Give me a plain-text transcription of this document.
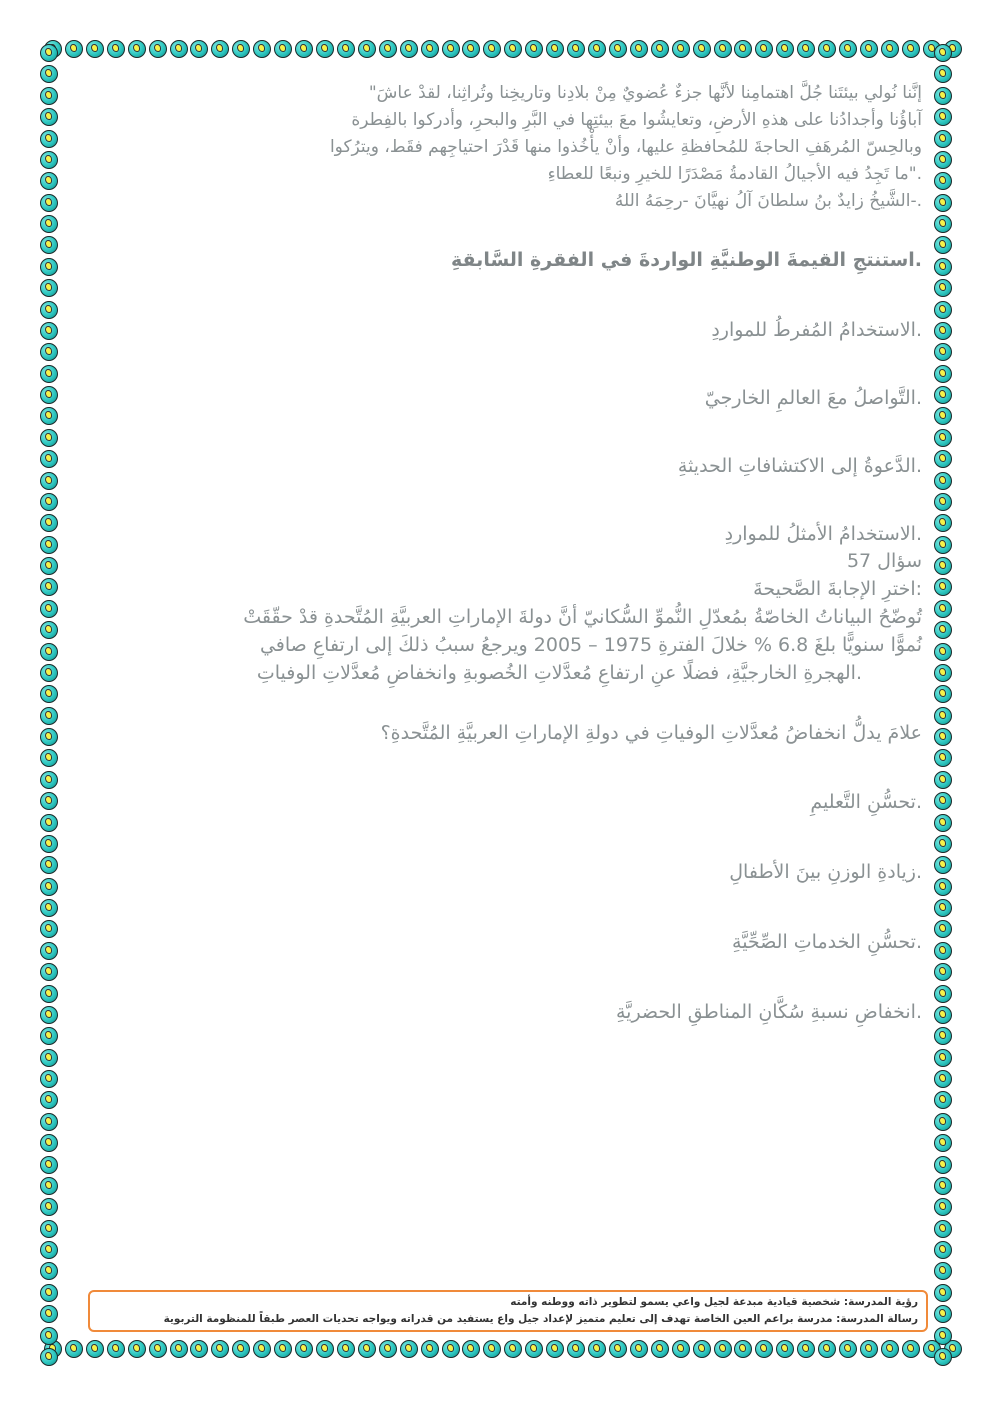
إنَّنا نُولي بيئتَنا جُلَّ اهتمامِنا لأنَّها جزءٌ عُضويٌ مِنْ بلادِنا وتاريخِنا وتُراثِنا، لقدْ عاشَ"

آباؤُنا وأجدادُنا على هذهِ الأرضِ، وتعايشُوا معَ بيئتِها في البَّرِ والبحرِ، وأدركوا بالفِطرة

وبالحِسّ المُرهَفِ الحاجةَ للمُحافظةِ عليها، وأنْ يأْخُذوا منها قَدْرَ احتياجِهم فقَط، ويترُكوا

."ما تَجِدُ فيه الأجيالُ القادمةُ مَصْدَرًا للخيرِ ونبعًا للعطاءِ

.-الشَّيخُ زايدٌ بنُ سلطانَ آلُ نهيَّانَ -رحِمَهُ اللهُ

.استنتجِ القيمةَ الوطنيَّةِ الواردةَ في الفقرةِ السَّابقةِ

.الاستخدامُ المُفرطُ للمواردِ

.التَّواصلُ معَ العالمِ الخارجيّ

.الدَّعوةُ إلى الاكتشافاتِ الحديثةِ

.الاستخدامُ الأمثلُ للمواردِ

سؤال 57

:اخترِ الإجابةَ الصَّحيحةَ

تُوضّحُ البياناتُ الخاصّةُ بمُعدّلِ النُّموِّ السُّكانيّ أنَّ دولةَ الإماراتِ العربيَّةِ المُتَّحدةِ قدْ حقّقَتْ

نُموًّا سنويًّا بلغَ 6.8 % خلالَ الفترةِ 1975 – 2005 ويرجعُ سببُ ذلكَ إلى ارتفاعِ صافي

.الهجرةِ الخارجيَّةِ، فضلًا عنِ ارتفاعِ مُعدَّلاتِ الخُصوبةِ وانخفاضِ مُعدَّلاتِ الوفياتِ

علامَ يدلُّ انخفاضُ مُعدَّلاتِ الوفياتِ في دولةِ الإماراتِ العربيَّةِ المُتَّحدةِ؟

.تحسُّنِ التَّعليمِ

.زيادةِ الوزنِ بينَ الأطفالِ

.تحسُّنِ الخدماتِ الصِّحِّيَّةِ

.انخفاضِ نسبةِ سُكَّانِ المناطقِ الحضريَّةِ

رؤية المدرسة: شخصية قيادية مبدعة لجيل واعي يسمو لتطوير ذاته ووطنه وأمته
رسالة المدرسة: مدرسة براعم العين الخاصة تهدف إلى تعليم متميز لإعداد جيل واع يستفيد من قدراته ويواجه تحديات العصر طبقاً للمنظومة التربوية
